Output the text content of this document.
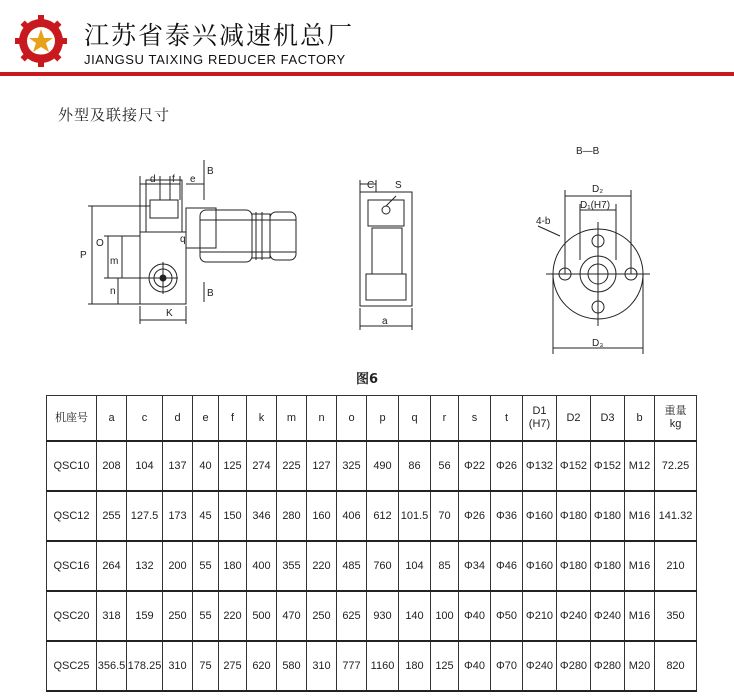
江苏省泰兴减速机总厂
JIANGSU TAIXING REDUCER FACTORY
外型及联接尺寸
d f e
B
B
P
O
m
n
q
K
C S
a
B—B
D₂
D₁(H7)
4-b
D₃
图6
机座号	a	c	d	e	f	k	m	n	o	p	q	r	s	t	D1
(H7)	D2	D3	b	重量
kg
QSC10	208	104	137	40	125	274	225	127	325	490	86	56	Φ22	Φ26	Φ132	Φ152	Φ152	M12	72.25
QSC12	255	127.5	173	45	150	346	280	160	406	612	101.5	70	Φ26	Φ36	Φ160	Φ180	Φ180	M16	141.32
QSC16	264	132	200	55	180	400	355	220	485	760	104	85	Φ34	Φ46	Φ160	Φ180	Φ180	M16	210
QSC20	318	159	250	55	220	500	470	250	625	930	140	100	Φ40	Φ50	Φ210	Φ240	Φ240	M16	350
QSC25	356.5	178.25	310	75	275	620	580	310	777	1160	180	125	Φ40	Φ70	Φ240	Φ280	Φ280	M20	820
